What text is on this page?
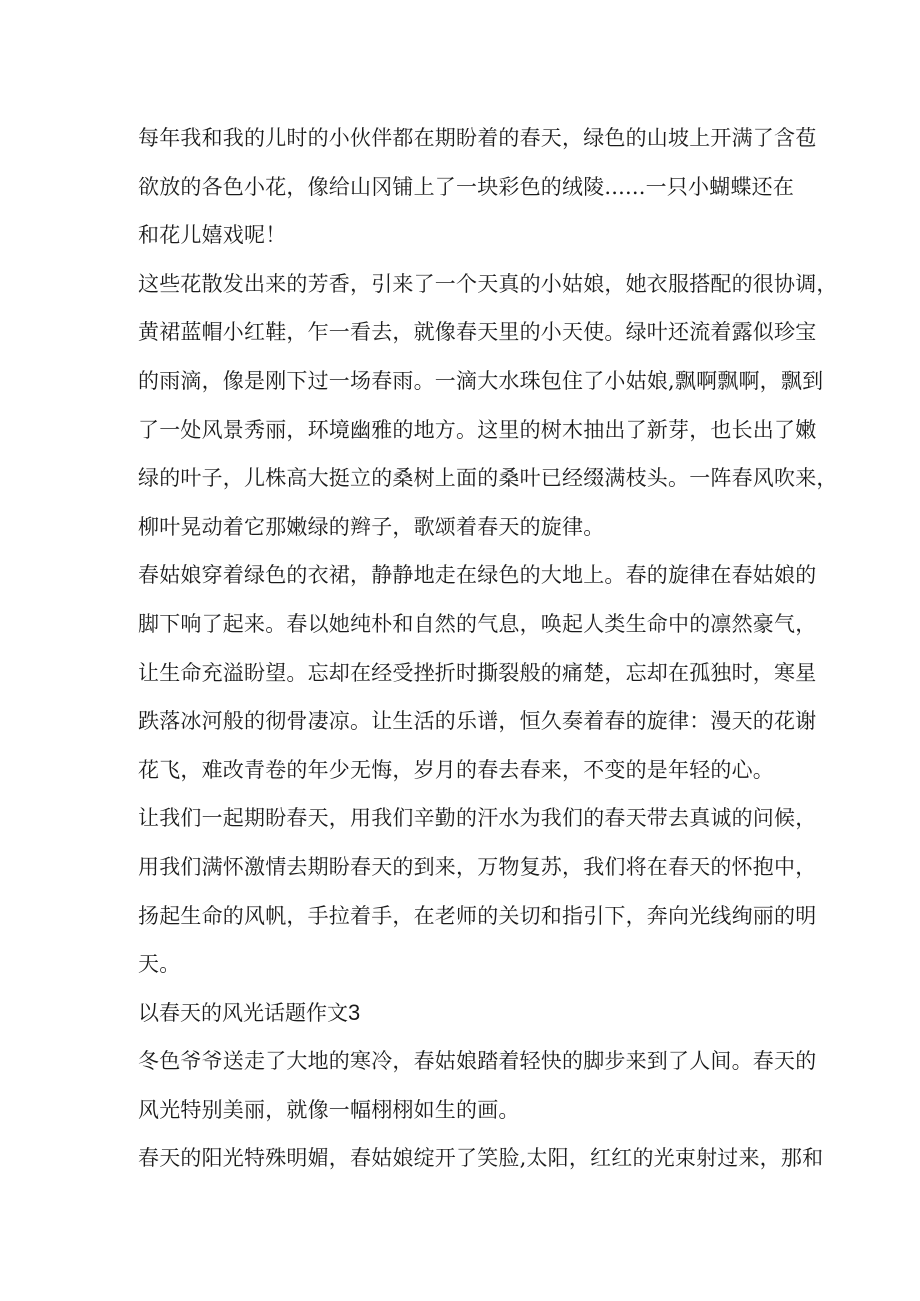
每年我和我的儿时的小伙伴都在期盼着的春天，绿色的山坡上开满了含苞
欲放的各色小花，像给山冈铺上了一块彩色的绒陵......一只小蝴蝶还在
和花儿嬉戏呢！
这些花散发出来的芳香，引来了一个天真的小姑娘，她衣服搭配的很协调，
黄裙蓝帽小红鞋，乍一看去，就像春天里的小天使。绿叶还流着露似珍宝
的雨滴，像是刚下过一场春雨。一滴大水珠包住了小姑娘,飘啊飘啊，飘到
了一处风景秀丽，环境幽雅的地方。这里的树木抽出了新芽，也长出了嫩
绿的叶子，儿株高大挺立的桑树上面的桑叶已经缀满枝头。一阵春风吹来，
柳叶晃动着它那嫩绿的辫子，歌颂着春天的旋律。
春姑娘穿着绿色的衣裙，静静地走在绿色的大地上。春的旋律在春姑娘的
脚下响了起来。春以她纯朴和自然的气息，唤起人类生命中的凛然豪气，
让生命充溢盼望。忘却在经受挫折时撕裂般的痛楚，忘却在孤独时，寒星
跌落冰河般的彻骨凄凉。让生活的乐谱，恒久奏着春的旋律：漫天的花谢
花飞，难改青卷的年少无悔，岁月的春去春来，不变的是年轻的心。
让我们一起期盼春天，用我们辛勤的汗水为我们的春天带去真诚的问候，
用我们满怀激情去期盼春天的到来，万物复苏，我们将在春天的怀抱中，
扬起生命的风帆，手拉着手，在老师的关切和指引下，奔向光线绚丽的明
天。
以春天的风光话题作文3
冬色爷爷送走了大地的寒冷，春姑娘踏着轻快的脚步来到了人间。春天的
风光特别美丽，就像一幅栩栩如生的画。
春天的阳光特殊明媚，春姑娘绽开了笑脸,太阳，红红的光束射过来，那和
